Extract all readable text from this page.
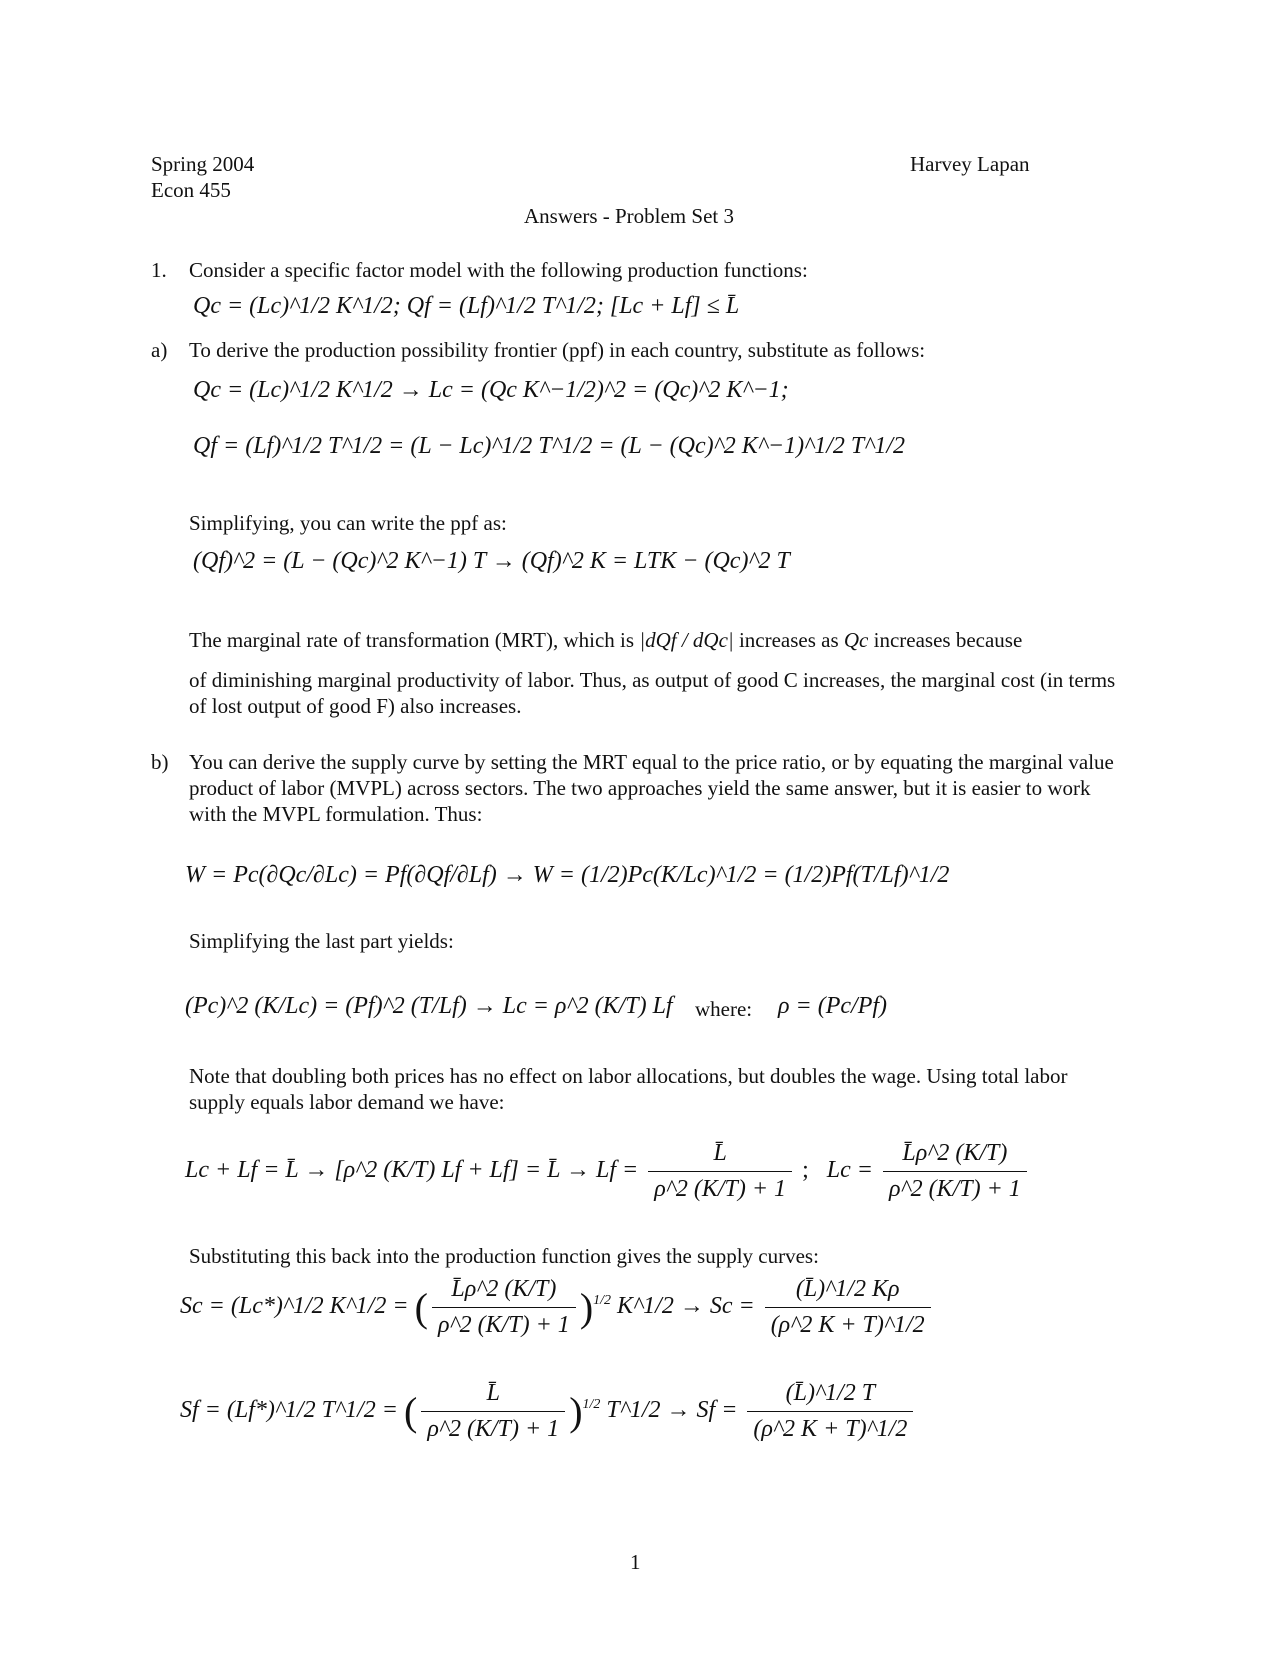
Spring 2004
Econ 455
Harvey Lapan
Answers - Problem Set 3
1. Consider a specific factor model with the following production functions:
Qc = (Lc)^1/2 K^1/2; Qf = (Lf)^1/2 T^1/2; [Lc + Lf] ≤ L̄
a) To derive the production possibility frontier (ppf) in each country, substitute as follows:
Qc = (Lc)^1/2 K^1/2 → Lc = (Qc K^−1/2)^2 = (Qc)^2 K^−1;
Qf = (Lf)^1/2 T^1/2 = (L − Lc)^1/2 T^1/2 = (L − (Qc)^2 K^−1)^1/2 T^1/2
Simplifying, you can write the ppf as:
(Qf)^2 = (L − (Qc)^2 K^−1) T → (Qf)^2 K = LTK − (Qc)^2 T
The marginal rate of transformation (MRT), which is |dQf / dQc| increases as Qc increases because
of diminishing marginal productivity of labor. Thus, as output of good C increases, the marginal cost (in terms of lost output of good F) also increases.
b) You can derive the supply curve by setting the MRT equal to the price ratio, or by equating the marginal value product of labor (MVPL) across sectors. The two approaches yield the same answer, but it is easier to work with the MVPL formulation. Thus:
W = Pc(∂Qc/∂Lc) = Pf(∂Qf/∂Lf) → W = (1/2)Pc(K/Lc)^1/2 = (1/2)Pf(T/Lf)^1/2
Simplifying the last part yields:
(Pc)^2 (K/Lc) = (Pf)^2 (T/Lf) → Lc = ρ^2 (K/T) Lf where: ρ = (Pc/Pf)
Note that doubling both prices has no effect on labor allocations, but doubles the wage. Using total labor supply equals labor demand we have:
Lc + Lf = L̄ → [ρ^2 (K/T) Lf + Lf] = L̄ → $Lf = \frac{L̄}{\rho\^{}2 (K/T) + 1}$ ;   $Lc = \frac{L̄\rho\^{}2 (K/T)}{\rho\^{}2 (K/T) + 1}$
Substituting this back into the production function gives the supply curves:
Sc = (Lc*)^1/2 K^1/2 = ( $\frac{L̄\rho\^{}2 (K/T)}{\rho\^{}2 (K/T) + 1} )^{1/2}$ K^1/2 → $Sc = \frac{(L̄)\^{}1/2 K\rho}{(\rho\^{}2 K + T)\^{}1/2}$
Sf = (Lf*)^1/2 T^1/2 = ( $\frac{L̄}{\rho\^{}2 (K/T) + 1} )^{1/2}$ T^1/2 → $Sf = \frac{(L̄)\^{}1/2 T}{(\rho\^{}2 K + T)\^{}1/2}$
1
